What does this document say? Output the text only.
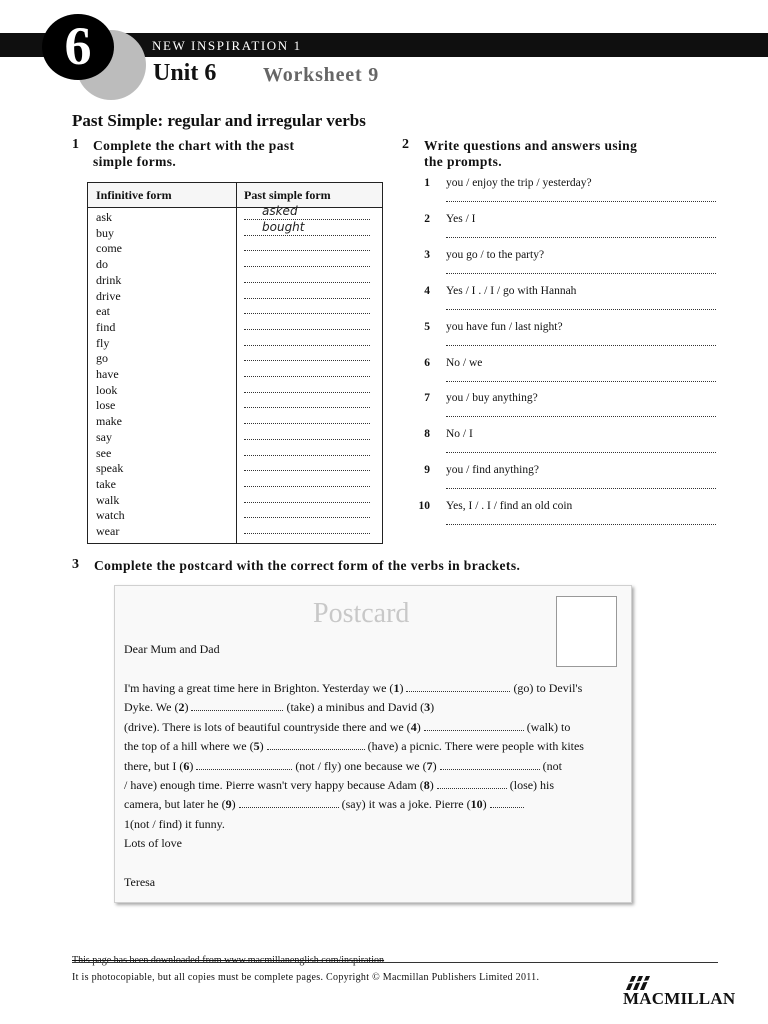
NEW INSPIRATION 1
6	Unit 6 Worksheet 9
Past Simple: regular and irregular verbs
1 Complete the chart with the past
simple forms.
Infinitive form	Past simple form
ask	asked
buy	bought
come
do
drink
drive
eat
find
fly
go
have
look
lose
make
say
see
speak
take
walk
watch
wear
2 Write questions and answers using
the prompts.
1 you / enjoy the trip / yesterday?
2 Yes / I
3 you go / to the party?
4 Yes / I . / I / go with Hannah
5 you have fun / last night?
6 No / we
7 you / buy anything?
8 No / I
9 you / find anything?
10 Yes, I / . I / find an old coin
3 Complete the postcard with the correct form of the verbs in brackets.
Postcard
Dear Mum and Dad
I'm having a great time here in Brighton. Yesterday we (1)	(go) to Devil's
Dyke. We (2)	(take) a minibus and David (3)
(drive). There is lots of beautiful countryside there and we (4)	(walk) to
the top of a hill where we (5)	(have) a picnic. There were people with kites
there, but I (6)	(not / fly) one because we (7)	(not
/ have) enough time. Pierre wasn't very happy because Adam (8)	(lose) his
camera, but later he (9)	(say) it was a joke. Pierre (10)
1(not / find) it funny.
Lots of love
Teresa
This page has been downloaded from www.macmillanenglish.com/inspiration
It is photocopiable, but all copies must be complete pages. Copyright © Macmillan Publishers Limited 2011.
MACMILLAN
